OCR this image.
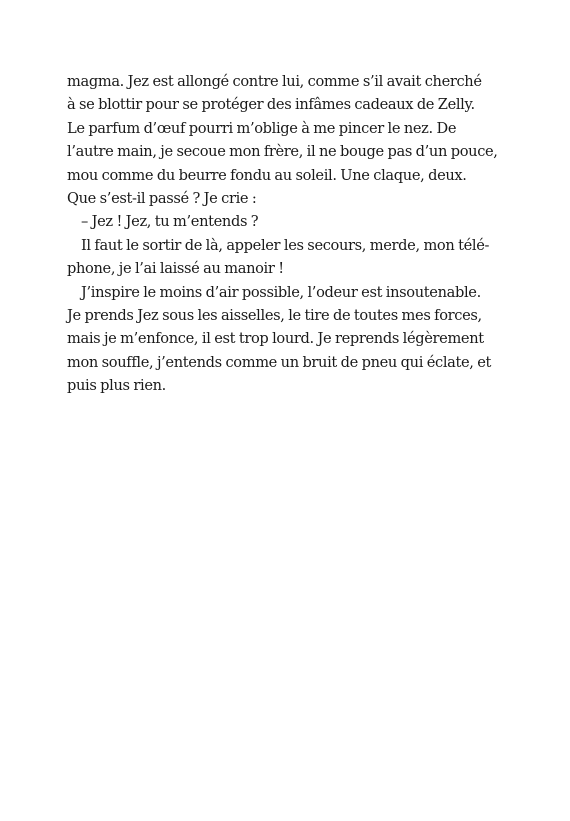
magma. Jez est allongé contre lui, comme s’il avait cherché
à se blottir pour se protéger des infâmes cadeaux de Zelly.
Le parfum d’œuf pourri m’oblige à me pincer le nez. De
l’autre main, je secoue mon frère, il ne bouge pas d’un pouce,
mou comme du beurre fondu au soleil. Une claque, deux.
Que s’est-il passé ? Je crie :
– Jez ! Jez, tu m’entends ?
Il faut le sortir de là, appeler les secours, merde, mon télé-
phone, je l’ai laissé au manoir !
J’inspire le moins d’air possible, l’odeur est insoutenable.
Je prends Jez sous les aisselles, le tire de toutes mes forces,
mais je m’enfonce, il est trop lourd. Je reprends légèrement
mon souffle, j’entends comme un bruit de pneu qui éclate, et
puis plus rien.
